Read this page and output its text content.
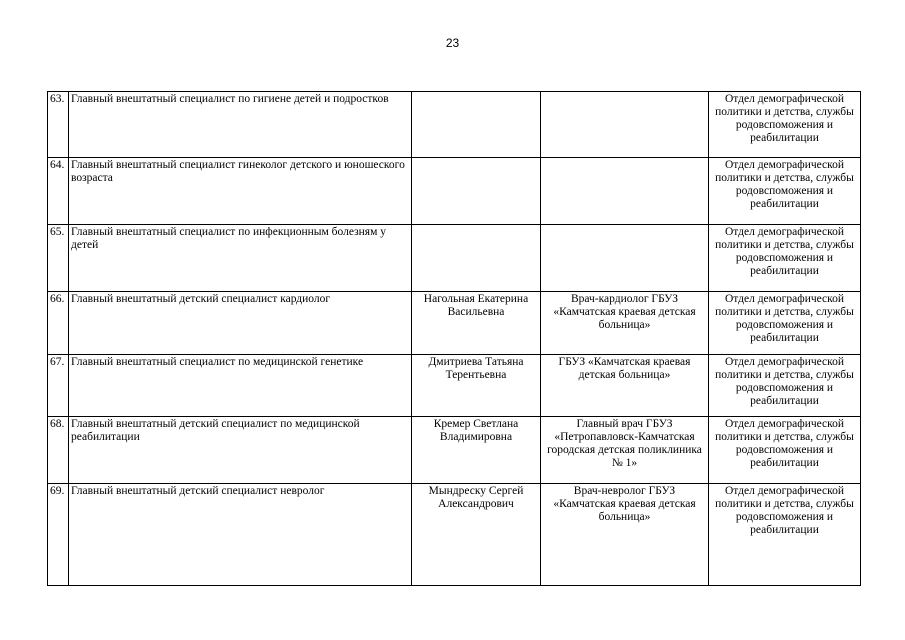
23
63.	Главный внештатный специалист по гигиене детей и подростков			Отдел демографической политики и детства, службы родовспоможения и реабилитации
64.	Главный внештатный специалист гинеколог детского и юношеского возраста			Отдел демографической политики и детства, службы родовспоможения и реабилитации
65.	Главный внештатный специалист по инфекционным болезням у детей			Отдел демографической политики и детства, службы родовспоможения и реабилитации
66.	Главный внештатный детский специалист кардиолог	Нагольная Екатерина Васильевна	Врач-кардиолог ГБУЗ «Камчатская краевая детская больница»	Отдел демографической политики и детства, службы родовспоможения и реабилитации
67.	Главный внештатный специалист по медицинской генетике	Дмитриева Татьяна Терентьевна	ГБУЗ «Камчатская краевая детская больница»	Отдел демографической политики и детства, службы родовспоможения и реабилитации
68.	Главный внештатный детский специалист по медицинской реабилитации	Кремер Светлана Владимировна	Главный врач ГБУЗ «Петропавловск-Камчатская городская детская поликлиника № 1»	Отдел демографической политики и детства, службы родовспоможения и реабилитации
69.	Главный внештатный детский специалист невролог	Мындреску Сергей Александрович	Врач-невролог ГБУЗ «Камчатская краевая детская больница»	Отдел демографической политики и детства, службы родовспоможения и реабилитации
